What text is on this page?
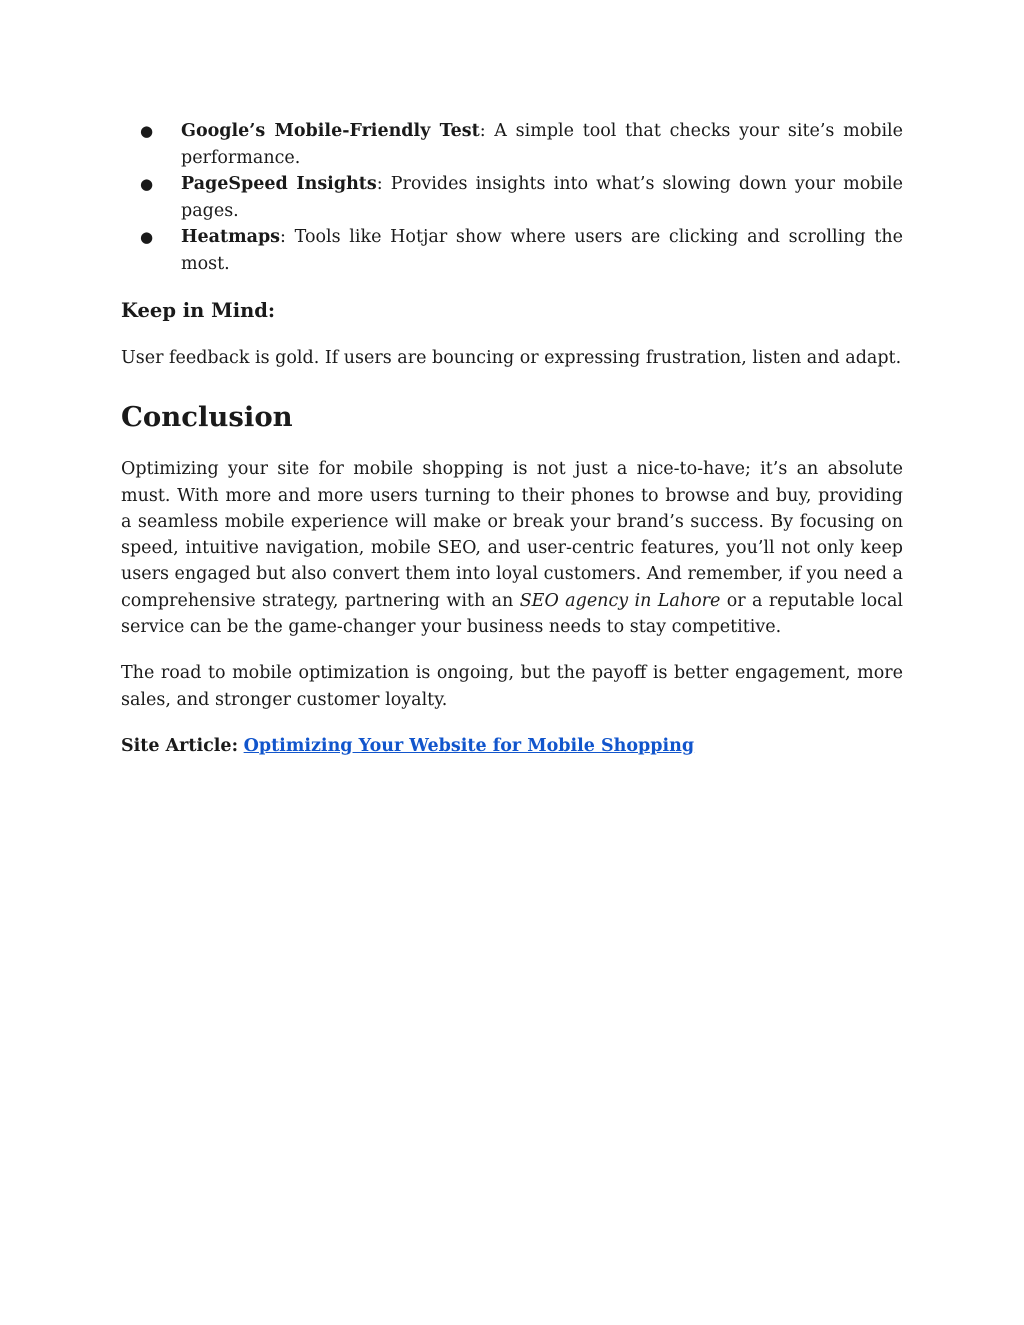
● Google’s Mobile-Friendly Test: A simple tool that checks your site’s mobile performance.
● PageSpeed Insights: Provides insights into what’s slowing down your mobile pages.
● Heatmaps: Tools like Hotjar show where users are clicking and scrolling the most.
Keep in Mind:

User feedback is gold. If users are bouncing or expressing frustration, listen and adapt.

Conclusion

Optimizing your site for mobile shopping is not just a nice-to-have; it’s an absolute must. With more and more users turning to their phones to browse and buy, providing a seamless mobile experience will make or break your brand’s success. By focusing on speed, intuitive navigation, mobile SEO, and user-centric features, you’ll not only keep users engaged but also convert them into loyal customers. And remember, if you need a comprehensive strategy, partnering with an SEO agency in Lahore or a reputable local service can be the game-changer your business needs to stay competitive.

The road to mobile optimization is ongoing, but the payoff is better engagement, more sales, and stronger customer loyalty.

Site Article: Optimizing Your Website for Mobile Shopping
